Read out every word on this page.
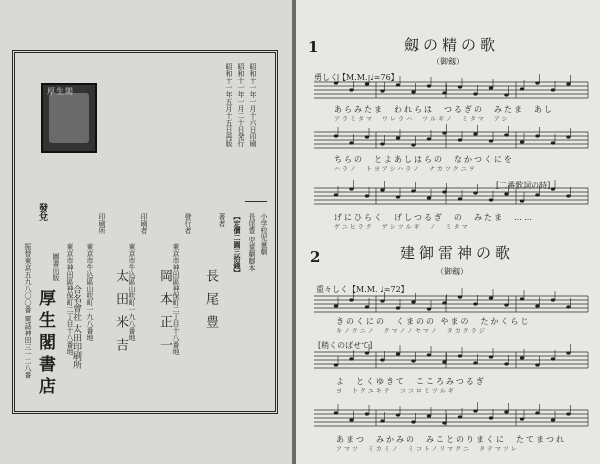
厚生閣	昭和十一年一月十六日印刷
昭和十一年一月二十日発行
昭和十一年五月十五日再版
小学校児童劇
長尾豊 児童劇脚本
【定價二圓三拾錢】
著者
長尾豊
發行者
東京市神田區神保町二丁目十八番地
岡本正一
印刷者
東京市牛込區山吹町一九八番地
太田米吉
印刷所
東京市牛込區山吹町一九八番地
合名會社 太田印刷所
發兌
圖書出版 東京市神田區神保町二丁目十八番地
振替東京五九八〇〇番 電話神田三一二八番 厚生閣書店
1	劔の精の歌
（御劔）
勇しく【M.M. ♩=76】
あらみたま　われらは　つるぎの　みたま　あし
アラミタマ　ワレラハ　ツルギノ　ミタマ　アシ
ちらの　とよあしはらの　なかつくにを
ハラノ　トヨアシハラノ　ナカツクニヲ
[二番歌詞の時]
げにひらく　げしつるぎ　の　みたま　……
ゲニヒラク　ゲシツルギ　ノ　ミタマ
2	建御雷神の歌
（御劔）
重々しく【M.M. ♩=72】
きのくにの　くまのの やまの　たかくらじ
キノクニノ　クマノノヤマノ　タカクラジ
[稍くのばせて]
よ　とくゆきて　こころみつるぎ
ヨ　トクユキテ　ココロミツルギ
あまつ　みかみの　みことのりまくに　たてまつれ
アマツ　ミカミノ　ミコトノリマクニ　タテマツレ
